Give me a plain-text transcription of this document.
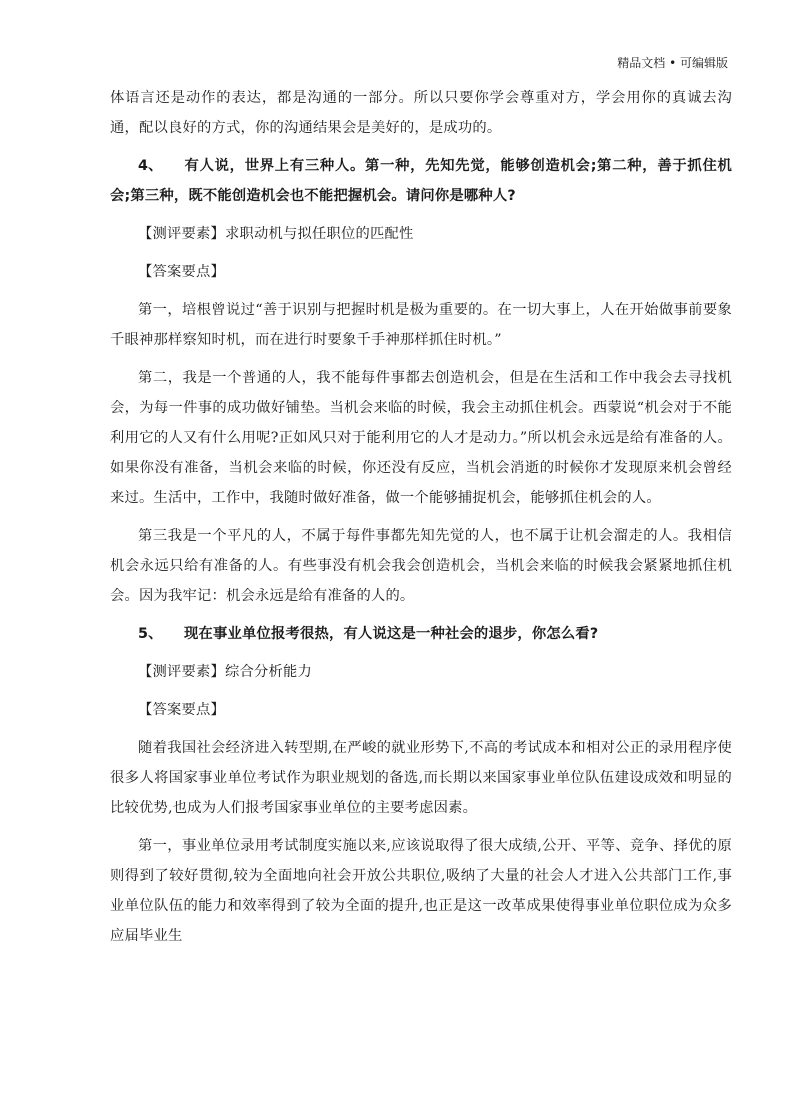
精品文档 • 可编辑版

体语言还是动作的表达，都是沟通的一部分。所以只要你学会尊重对方，学会用你的真诚去沟通，配以良好的方式，你的沟通结果会是美好的，是成功的。

4、 有人说，世界上有三种人。第一种，先知先觉，能够创造机会;第二种，善于抓住机会;第三种，既不能创造机会也不能把握机会。请问你是哪种人?

【测评要素】求职动机与拟任职位的匹配性

【答案要点】

第一，培根曾说过“善于识别与把握时机是极为重要的。在一切大事上，人在开始做事前要象千眼神那样察知时机，而在进行时要象千手神那样抓住时机。”

第二，我是一个普通的人，我不能每件事都去创造机会，但是在生活和工作中我会去寻找机会，为每一件事的成功做好铺垫。当机会来临的时候，我会主动抓住机会。西蒙说“机会对于不能利用它的人又有什么用呢?正如风只对于能利用它的人才是动力。”所以机会永远是给有准备的人。如果你没有准备，当机会来临的时候，你还没有反应，当机会消逝的时候你才发现原来机会曾经来过。生活中，工作中，我随时做好准备，做一个能够捕捉机会，能够抓住机会的人。

第三我是一个平凡的人，不属于每件事都先知先觉的人，也不属于让机会溜走的人。我相信机会永远只给有准备的人。有些事没有机会我会创造机会，当机会来临的时候我会紧紧地抓住机会。因为我牢记：机会永远是给有准备的人的。

5、 现在事业单位报考很热，有人说这是一种社会的退步，你怎么看?

【测评要素】综合分析能力

【答案要点】

随着我国社会经济进入转型期,在严峻的就业形势下,不高的考试成本和相对公正的录用程序使很多人将国家事业单位考试作为职业规划的备选,而长期以来国家事业单位队伍建设成效和明显的比较优势,也成为人们报考国家事业单位的主要考虑因素。

第一，事业单位录用考试制度实施以来,应该说取得了很大成绩,公开、平等、竞争、择优的原则得到了较好贯彻,较为全面地向社会开放公共职位,吸纳了大量的社会人才进入公共部门工作,事业单位队伍的能力和效率得到了较为全面的提升,也正是这一改革成果使得事业单位职位成为众多应届毕业生
